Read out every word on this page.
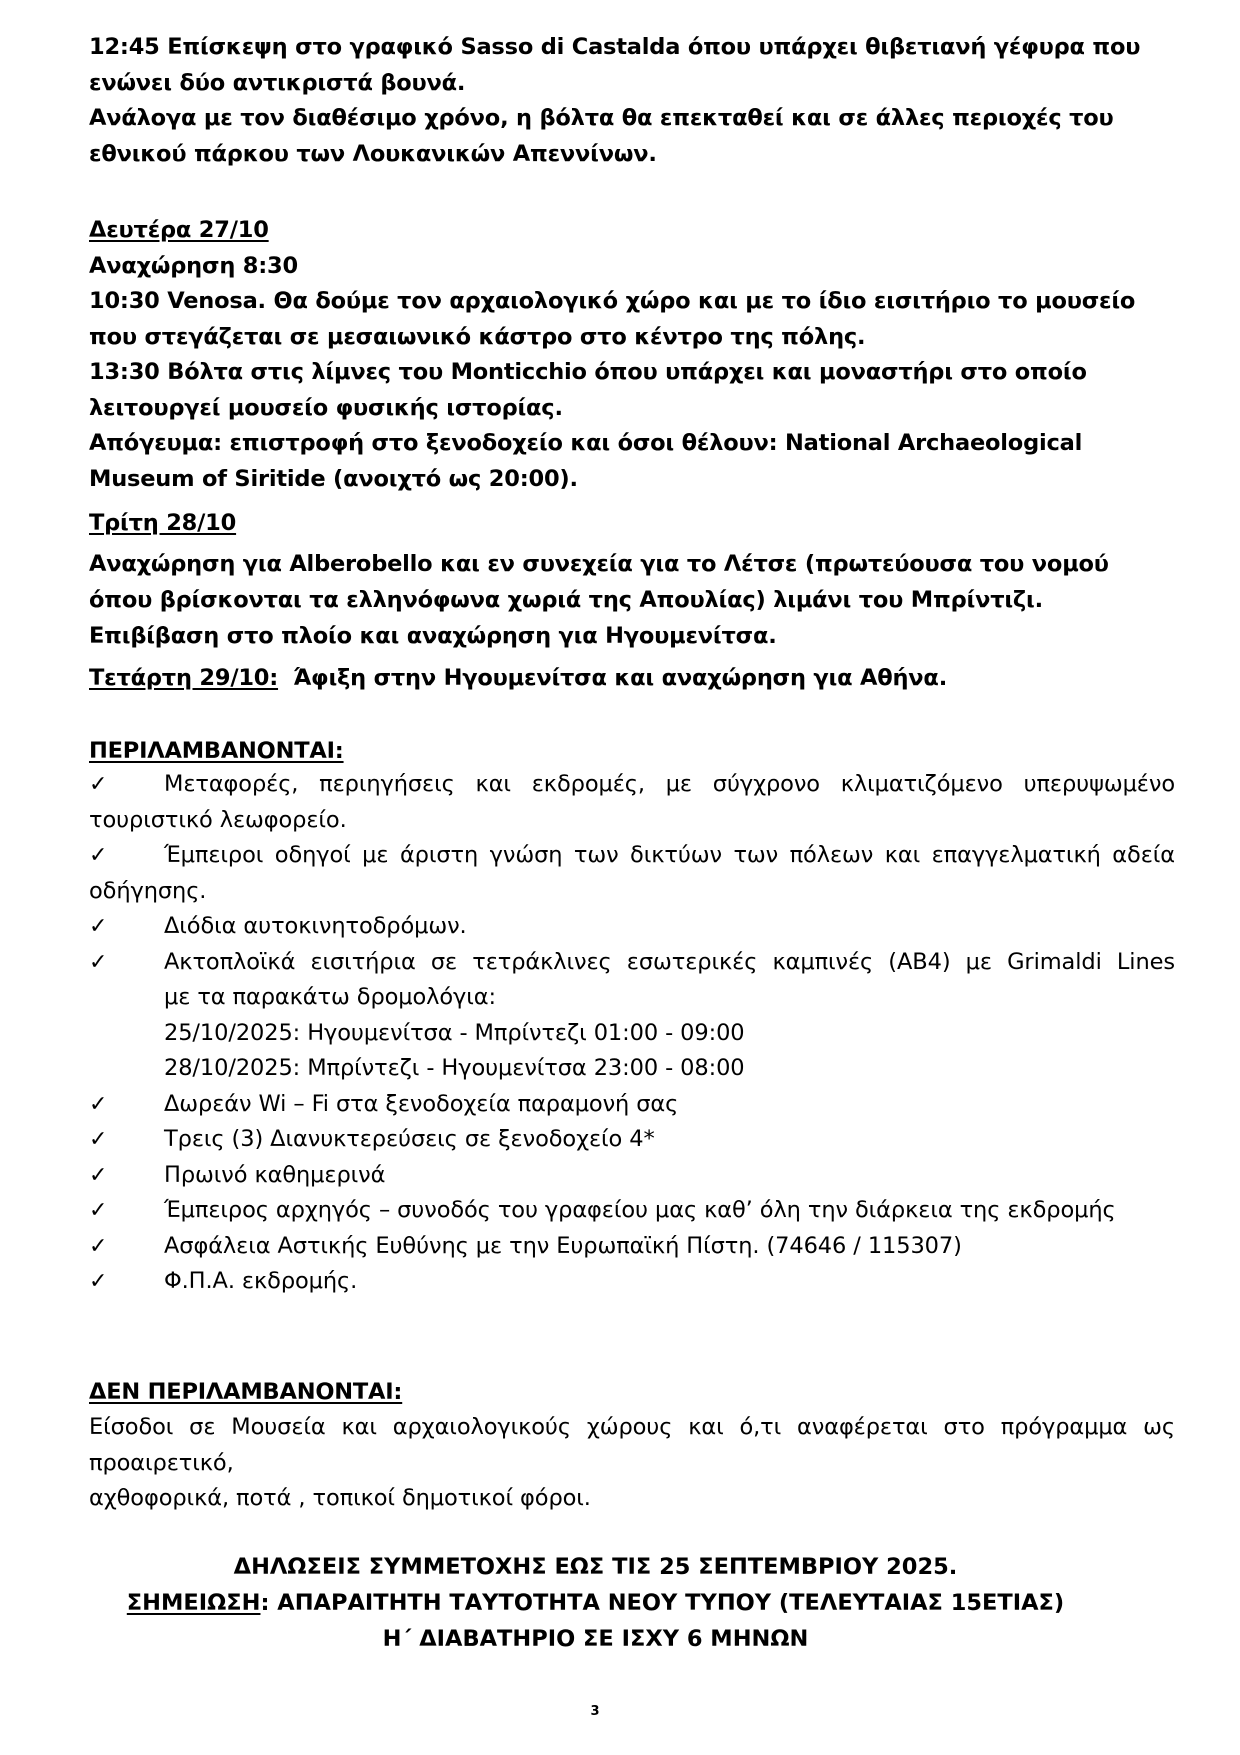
12:45 Επίσκεψη στο γραφικό Sasso di Castalda όπου υπάρχει θιβετιανή γέφυρα που
ενώνει δύο αντικριστά βουνά.
Ανάλογα με τον διαθέσιμο χρόνο, η βόλτα θα επεκταθεί και σε άλλες περιοχές του
εθνικού πάρκου των Λουκανικών Απεννίνων.
Δευτέρα 27/10
Αναχώρηση 8:30
10:30 Venosa. Θα δούμε τον αρχαιολογικό χώρο και με το ίδιο εισιτήριο το μουσείο
που στεγάζεται σε μεσαιωνικό κάστρο στο κέντρο της πόλης.
13:30 Βόλτα στις λίμνες του Monticchio όπου υπάρχει και μοναστήρι στο οποίο
λειτουργεί μουσείο φυσικής ιστορίας.
Απόγευμα: επιστροφή στο ξενοδοχείο και όσοι θέλουν: National Archaeological
Museum of Siritide (ανοιχτό ως 20:00).
Τρίτη 28/10
Αναχώρηση για Alberobello και εν συνεχεία για το Λέτσε (πρωτεύουσα του νομού
όπου βρίσκονται τα ελληνόφωνα χωριά της Απουλίας) λιμάνι του Μπρίντιζι.
Επιβίβαση στο πλοίο και αναχώρηση για Ηγουμενίτσα.
Τετάρτη 29/10:  Άφιξη στην Ηγουμενίτσα και αναχώρηση για Αθήνα.
ΠΕΡΙΛΑΜΒΑΝΟΝΤΑΙ:
✓	Μεταφορές, περιηγήσεις και εκδρομές, με σύγχρονο κλιματιζόμενο υπερυψωμένο τουριστικό λεωφορείο.
✓	Έμπειροι οδηγοί με άριστη γνώση των δικτύων των πόλεων και επαγγελματική αδεία οδήγησης.
✓	Διόδια αυτοκινητοδρόμων.
✓	Ακτοπλοϊκά εισιτήρια σε τετράκλινες εσωτερικές καμπινές (AB4) με Grimaldi Lines
με τα παρακάτω δρομολόγια:
25/10/2025: Ηγουμενίτσα - Μπρίντεζι 01:00 - 09:00
28/10/2025: Μπρίντεζι - Ηγουμενίτσα 23:00 - 08:00
✓	Δωρεάν Wi – Fi στα ξενοδοχεία παραμονή σας
✓	Τρεις (3) Διανυκτερεύσεις σε ξενοδοχείο 4*
✓	Πρωινό καθημερινά
✓	Έμπειρος αρχηγός – συνοδός του γραφείου μας καθ’ όλη την διάρκεια της εκδρομής
✓	Ασφάλεια Αστικής Ευθύνης με την Ευρωπαϊκή Πίστη. (74646 / 115307)
✓	Φ.Π.Α. εκδρομής.
ΔΕΝ ΠΕΡΙΛΑΜΒΑΝΟΝΤΑΙ:
Είσοδοι σε Μουσεία και αρχαιολογικούς χώρους και ό,τι αναφέρεται στο πρόγραμμα ως προαιρετικό,
αχθοφορικά, ποτά , τοπικοί δημοτικοί φόροι.
ΔΗΛΩΣΕΙΣ ΣΥΜΜΕΤΟΧΗΣ ΕΩΣ ΤΙΣ 25 ΣΕΠΤΕΜΒΡΙΟΥ 2025.
ΣΗΜΕΙΩΣΗ: ΑΠΑΡΑΙΤΗΤΗ ΤΑΥΤΟΤΗΤΑ ΝΕΟΥ ΤΥΠΟΥ (ΤΕΛΕΥΤΑΙΑΣ 15ΕΤΙΑΣ)
Η΄ ΔΙΑΒΑΤΗΡΙΟ ΣΕ ΙΣΧΥ 6 ΜΗΝΩΝ
3
